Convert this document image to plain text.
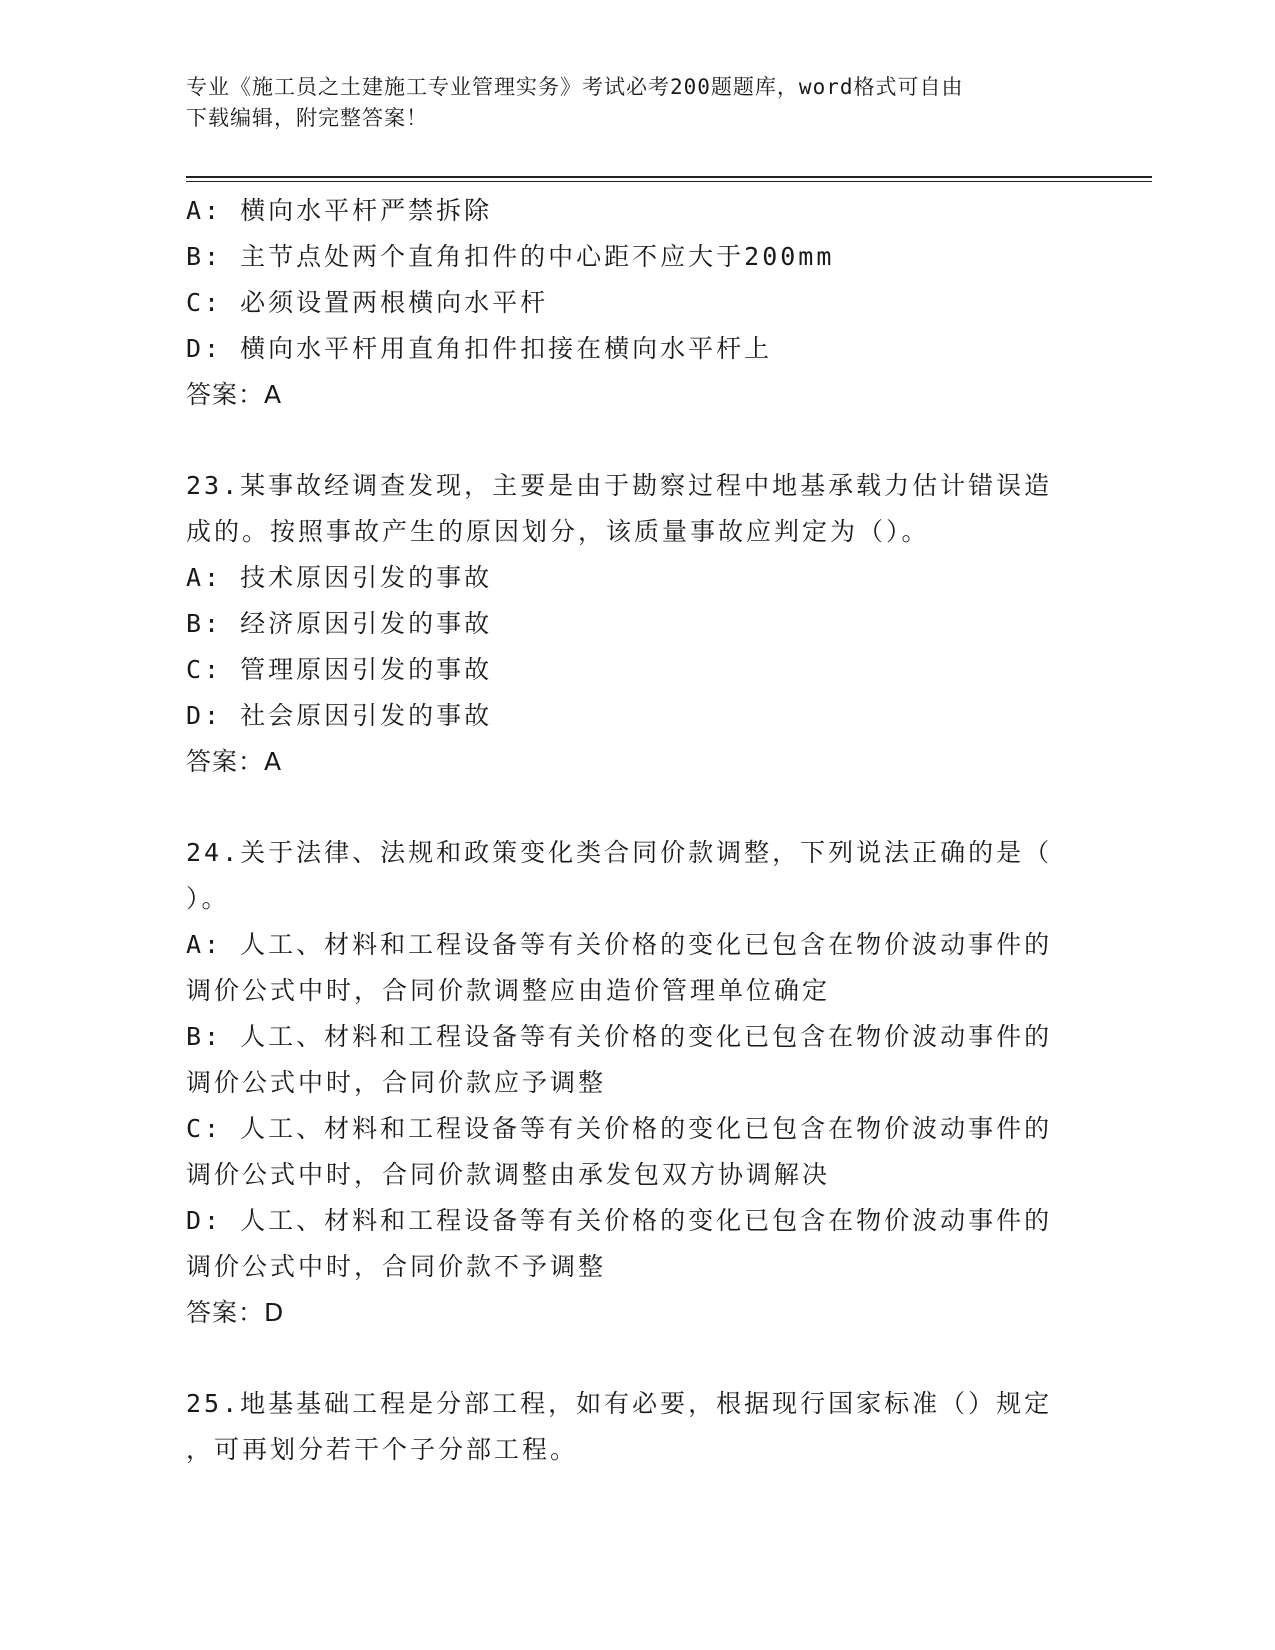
专业《施工员之土建施工专业管理实务》考试必考200题题库，word格式可自由
下载编辑，附完整答案！
A: 横向水平杆严禁拆除
B: 主节点处两个直角扣件的中心距不应大于200mm
C: 必须设置两根横向水平杆
D: 横向水平杆用直角扣件扣接在横向水平杆上
答案：A
23.某事故经调查发现，主要是由于勘察过程中地基承载力估计错误造
成的。按照事故产生的原因划分，该质量事故应判定为（）。
A: 技术原因引发的事故
B: 经济原因引发的事故
C: 管理原因引发的事故
D: 社会原因引发的事故
答案：A
24.关于法律、法规和政策变化类合同价款调整，下列说法正确的是（
）。
A: 人工、材料和工程设备等有关价格的变化已包含在物价波动事件的
调价公式中时，合同价款调整应由造价管理单位确定
B: 人工、材料和工程设备等有关价格的变化已包含在物价波动事件的
调价公式中时，合同价款应予调整
C: 人工、材料和工程设备等有关价格的变化已包含在物价波动事件的
调价公式中时，合同价款调整由承发包双方协调解决
D: 人工、材料和工程设备等有关价格的变化已包含在物价波动事件的
调价公式中时，合同价款不予调整
答案：D
25.地基基础工程是分部工程，如有必要，根据现行国家标准（）规定
，可再划分若干个子分部工程。
